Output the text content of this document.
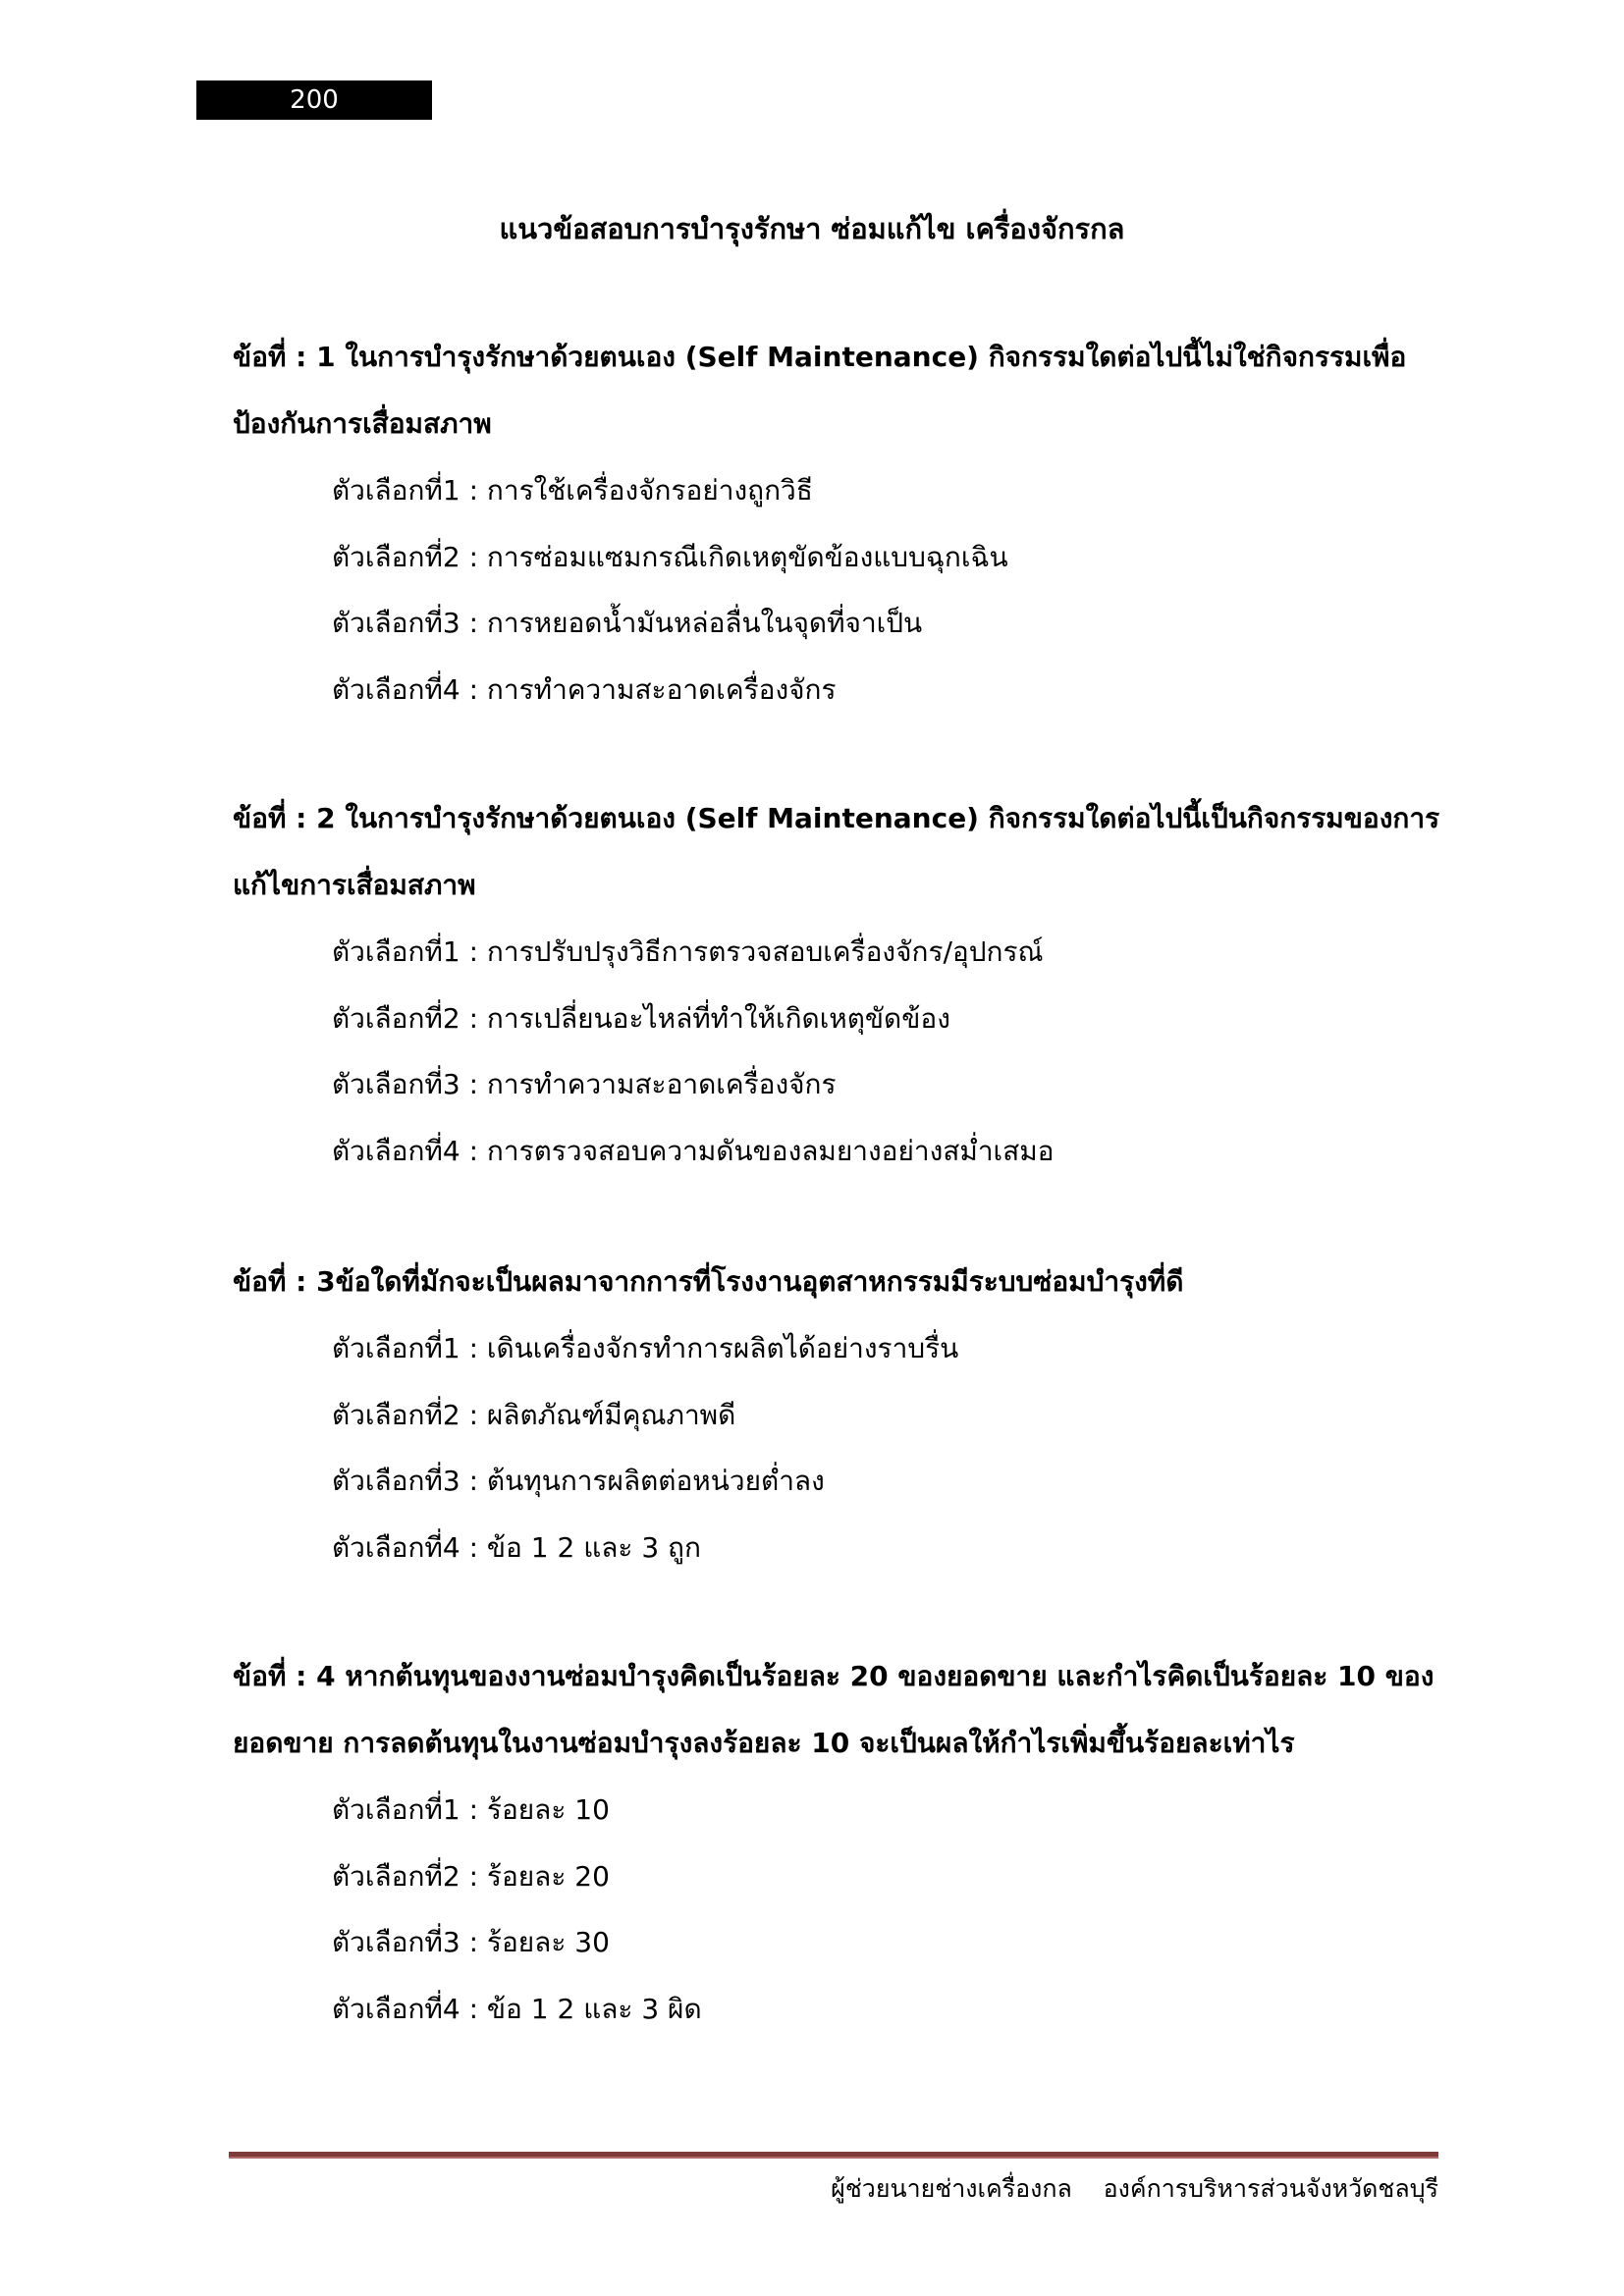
200
แนวข้อสอบการบำรุงรักษา ซ่อมแก้ไข เครื่องจักรกล

ข้อที่ : 1 ในการบำรุงรักษาด้วยตนเอง (Self Maintenance) กิจกรรมใดต่อไปนี้ไม่ใช่กิจกรรมเพื่อป้องกันการเสื่อมสภาพ

ตัวเลือกที่1 : การใช้เครื่องจักรอย่างถูกวิธี
ตัวเลือกที่2 : การซ่อมแซมกรณีเกิดเหตุขัดข้องแบบฉุกเฉิน
ตัวเลือกที่3 : การหยอดน้ำมันหล่อลื่นในจุดที่จาเป็น
ตัวเลือกที่4 : การทำความสะอาดเครื่องจักร

ข้อที่ : 2 ในการบำรุงรักษาด้วยตนเอง (Self Maintenance) กิจกรรมใดต่อไปนี้เป็นกิจกรรมของการแก้ไขการเสื่อมสภาพ

ตัวเลือกที่1 : การปรับปรุงวิธีการตรวจสอบเครื่องจักร/อุปกรณ์
ตัวเลือกที่2 : การเปลี่ยนอะไหล่ที่ทำให้เกิดเหตุขัดข้อง
ตัวเลือกที่3 : การทำความสะอาดเครื่องจักร
ตัวเลือกที่4 : การตรวจสอบความดันของลมยางอย่างสม่ำเสมอ

ข้อที่ : 3ข้อใดที่มักจะเป็นผลมาจากการที่โรงงานอุตสาหกรรมมีระบบซ่อมบำรุงที่ดี

ตัวเลือกที่1 : เดินเครื่องจักรทำการผลิตได้อย่างราบรื่น
ตัวเลือกที่2 : ผลิตภัณฑ์มีคุณภาพดี
ตัวเลือกที่3 : ต้นทุนการผลิตต่อหน่วยต่ำลง
ตัวเลือกที่4 : ข้อ 1 2 และ 3 ถูก

ข้อที่ : 4 หากต้นทุนของงานซ่อมบำรุงคิดเป็นร้อยละ 20 ของยอดขาย และกำไรคิดเป็นร้อยละ 10 ของยอดขาย การลดต้นทุนในงานซ่อมบำรุงลงร้อยละ 10 จะเป็นผลให้กำไรเพิ่มขึ้นร้อยละเท่าไร

ตัวเลือกที่1 : ร้อยละ 10
ตัวเลือกที่2 : ร้อยละ 20
ตัวเลือกที่3 : ร้อยละ 30
ตัวเลือกที่4 : ข้อ 1 2 และ 3 ผิด
ผู้ช่วยนายช่างเครื่องกล    องค์การบริหารส่วนจังหวัดชลบุรี
